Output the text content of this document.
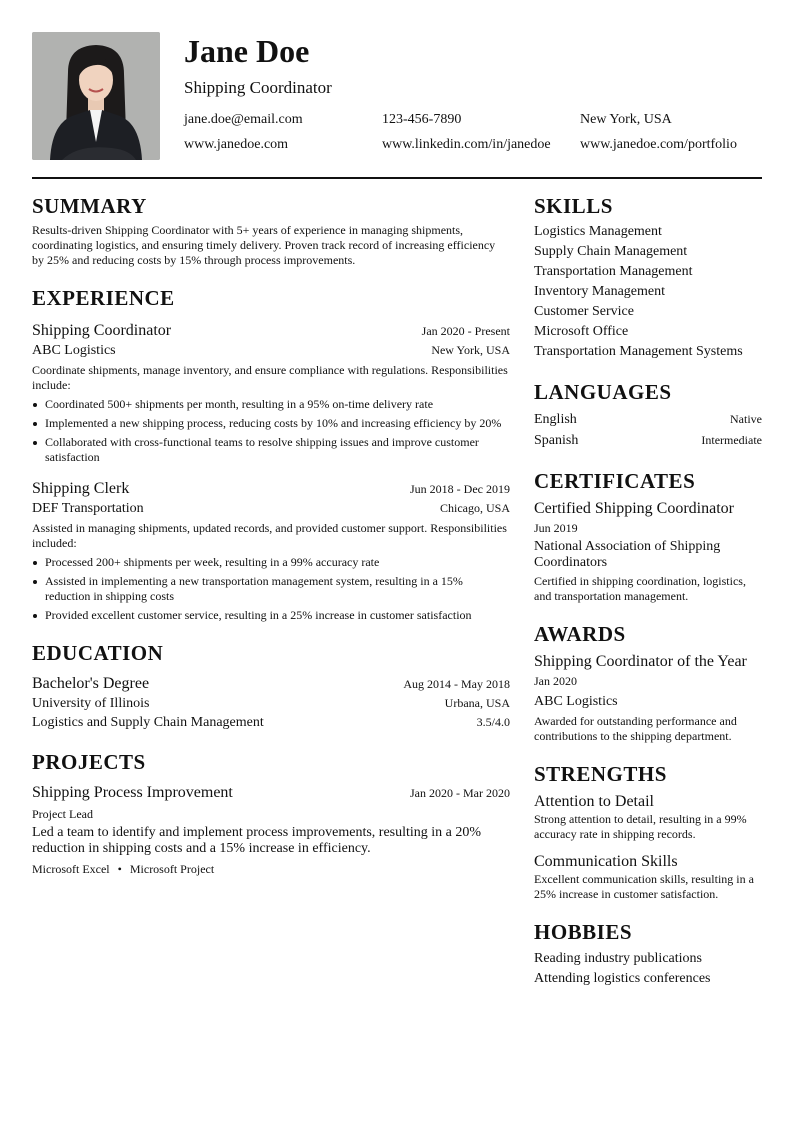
Jane Doe
Shipping Coordinator
jane.doe@email.com	123-456-7890	New York, USA
www.janedoe.com	www.linkedin.com/in/janedoe	www.janedoe.com/portfolio
SUMMARY
Results-driven Shipping Coordinator with 5+ years of experience in managing shipments, coordinating logistics, and ensuring timely delivery. Proven track record of increasing efficiency by 25% and reducing costs by 15% through process improvements.
EXPERIENCE
Shipping Coordinator	Jan 2020 - Present
ABC Logistics	New York, USA
Coordinate shipments, manage inventory, and ensure compliance with regulations. Responsibilities include:
Coordinated 500+ shipments per month, resulting in a 95% on-time delivery rate
Implemented a new shipping process, reducing costs by 10% and increasing efficiency by 20%
Collaborated with cross-functional teams to resolve shipping issues and improve customer satisfaction
Shipping Clerk	Jun 2018 - Dec 2019
DEF Transportation	Chicago, USA
Assisted in managing shipments, updated records, and provided customer support. Responsibilities included:
Processed 200+ shipments per week, resulting in a 99% accuracy rate
Assisted in implementing a new transportation management system, resulting in a 15% reduction in shipping costs
Provided excellent customer service, resulting in a 25% increase in customer satisfaction
EDUCATION
Bachelor's Degree	Aug 2014 - May 2018
University of Illinois	Urbana, USA
Logistics and Supply Chain Management	3.5/4.0
PROJECTS
Shipping Process Improvement	Jan 2020 - Mar 2020
Project Lead
Led a team to identify and implement process improvements, resulting in a 20% reduction in shipping costs and a 15% increase in efficiency.
Microsoft Excel • Microsoft Project
SKILLS
Logistics Management
Supply Chain Management
Transportation Management
Inventory Management
Customer Service
Microsoft Office
Transportation Management Systems
LANGUAGES
English	Native
Spanish	Intermediate
CERTIFICATES
Certified Shipping Coordinator
Jun 2019
National Association of Shipping Coordinators
Certified in shipping coordination, logistics, and transportation management.
AWARDS
Shipping Coordinator of the Year
Jan 2020
ABC Logistics
Awarded for outstanding performance and contributions to the shipping department.
STRENGTHS
Attention to Detail
Strong attention to detail, resulting in a 99% accuracy rate in shipping records.
Communication Skills
Excellent communication skills, resulting in a 25% increase in customer satisfaction.
HOBBIES
Reading industry publications
Attending logistics conferences
